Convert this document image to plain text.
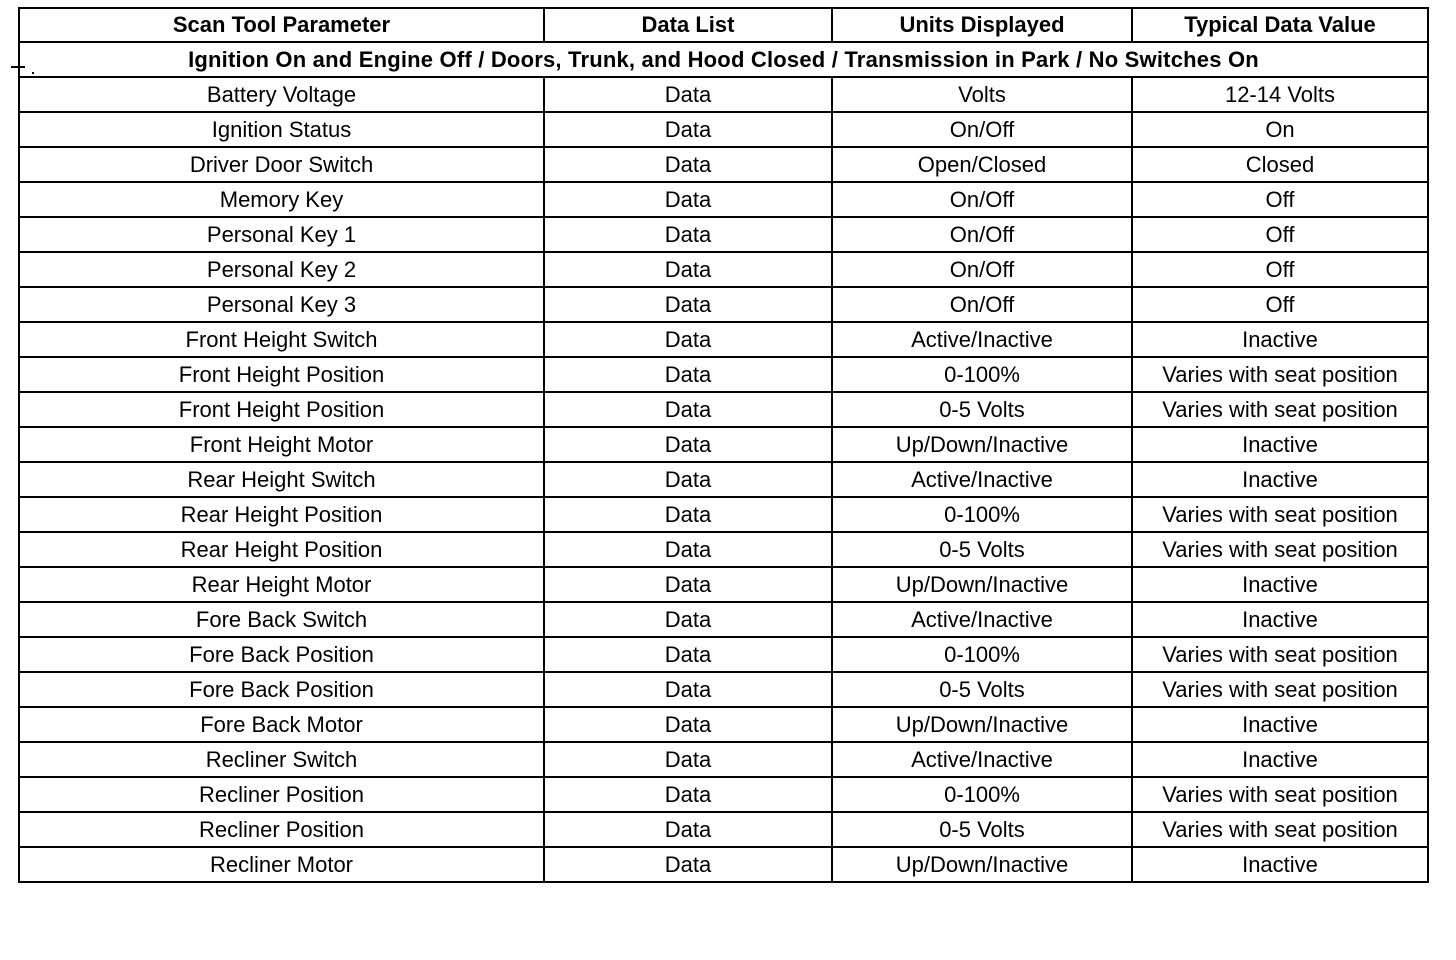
Scan Tool Parameter	Data List	Units Displayed	Typical Data Value
Ignition On and Engine Off / Doors, Trunk, and Hood Closed / Transmission in Park / No Switches On			
Battery Voltage	Data	Volts	12-14 Volts
Ignition Status	Data	On/Off	On
Driver Door Switch	Data	Open/Closed	Closed
Memory Key	Data	On/Off	Off
Personal Key 1	Data	On/Off	Off
Personal Key 2	Data	On/Off	Off
Personal Key 3	Data	On/Off	Off
Front Height Switch	Data	Active/Inactive	Inactive
Front Height Position	Data	0-100%	Varies with seat position
Front Height Position	Data	0-5 Volts	Varies with seat position
Front Height Motor	Data	Up/Down/Inactive	Inactive
Rear Height Switch	Data	Active/Inactive	Inactive
Rear Height Position	Data	0-100%	Varies with seat position
Rear Height Position	Data	0-5 Volts	Varies with seat position
Rear Height Motor	Data	Up/Down/Inactive	Inactive
Fore Back Switch	Data	Active/Inactive	Inactive
Fore Back Position	Data	0-100%	Varies with seat position
Fore Back Position	Data	0-5 Volts	Varies with seat position
Fore Back Motor	Data	Up/Down/Inactive	Inactive
Recliner Switch	Data	Active/Inactive	Inactive
Recliner Position	Data	0-100%	Varies with seat position
Recliner Position	Data	0-5 Volts	Varies with seat position
Recliner Motor	Data	Up/Down/Inactive	Inactive
